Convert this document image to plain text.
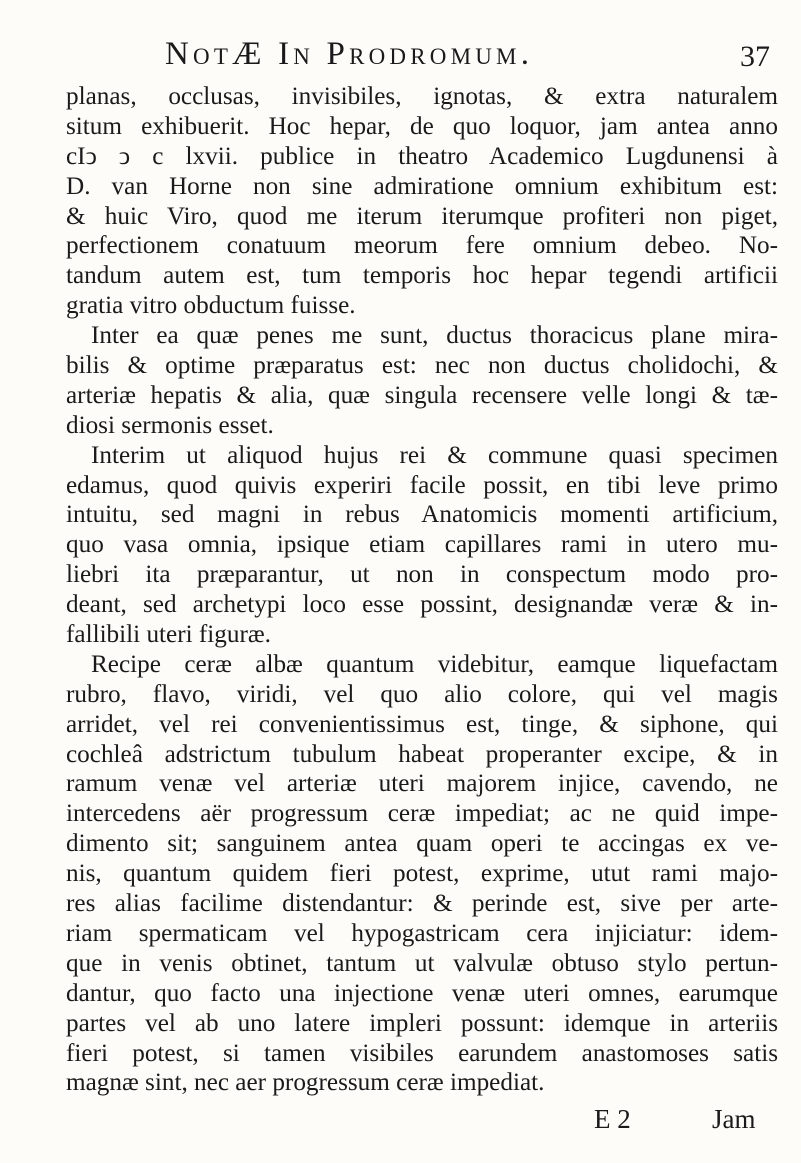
NotÆ In Prodromum.	37
planas, occlusas, invisibiles, ignotas, & extra naturalem
situm exhibuerit. Hoc hepar, de quo loquor, jam antea anno
cIↄ ↄ c lxvii. publice in theatro Academico Lugdunensi à
D. van Horne non sine admiratione omnium exhibitum est:
& huic Viro, quod me iterum iterumque profiteri non piget,
perfectionem conatuum meorum fere omnium debeo. No-
tandum autem est, tum temporis hoc hepar tegendi artificii
gratia vitro obductum fuisse.
Inter ea quæ penes me sunt, ductus thoracicus plane mira-
bilis & optime præparatus est: nec non ductus cholidochi, &
arteriæ hepatis & alia, quæ singula recensere velle longi & tæ-
diosi sermonis esset.
Interim ut aliquod hujus rei & commune quasi specimen
edamus, quod quivis experiri facile possit, en tibi leve primo
intuitu, sed magni in rebus Anatomicis momenti artificium,
quo vasa omnia, ipsique etiam capillares rami in utero mu-
liebri ita præparantur, ut non in conspectum modo pro-
deant, sed archetypi loco esse possint, designandæ veræ & in-
fallibili uteri figuræ.
Recipe ceræ albæ quantum videbitur, eamque liquefactam
rubro, flavo, viridi, vel quo alio colore, qui vel magis
arridet, vel rei convenientissimus est, tinge, & siphone, qui
cochleâ adstrictum tubulum habeat properanter excipe, & in
ramum venæ vel arteriæ uteri majorem injice, cavendo, ne
intercedens aër progressum ceræ impediat; ac ne quid impe-
dimento sit; sanguinem antea quam operi te accingas ex ve-
nis, quantum quidem fieri potest, exprime, utut rami majo-
res alias facilime distendantur: & perinde est, sive per arte-
riam spermaticam vel hypogastricam cera injiciatur: idem-
que in venis obtinet, tantum ut valvulæ obtuso stylo pertun-
dantur, quo facto una injectione venæ uteri omnes, earumque
partes vel ab uno latere impleri possunt: idemque in arteriis
fieri potest, si tamen visibiles earundem anastomoses satis
magnæ sint, nec aer progressum ceræ impediat.
E 2	Jam
